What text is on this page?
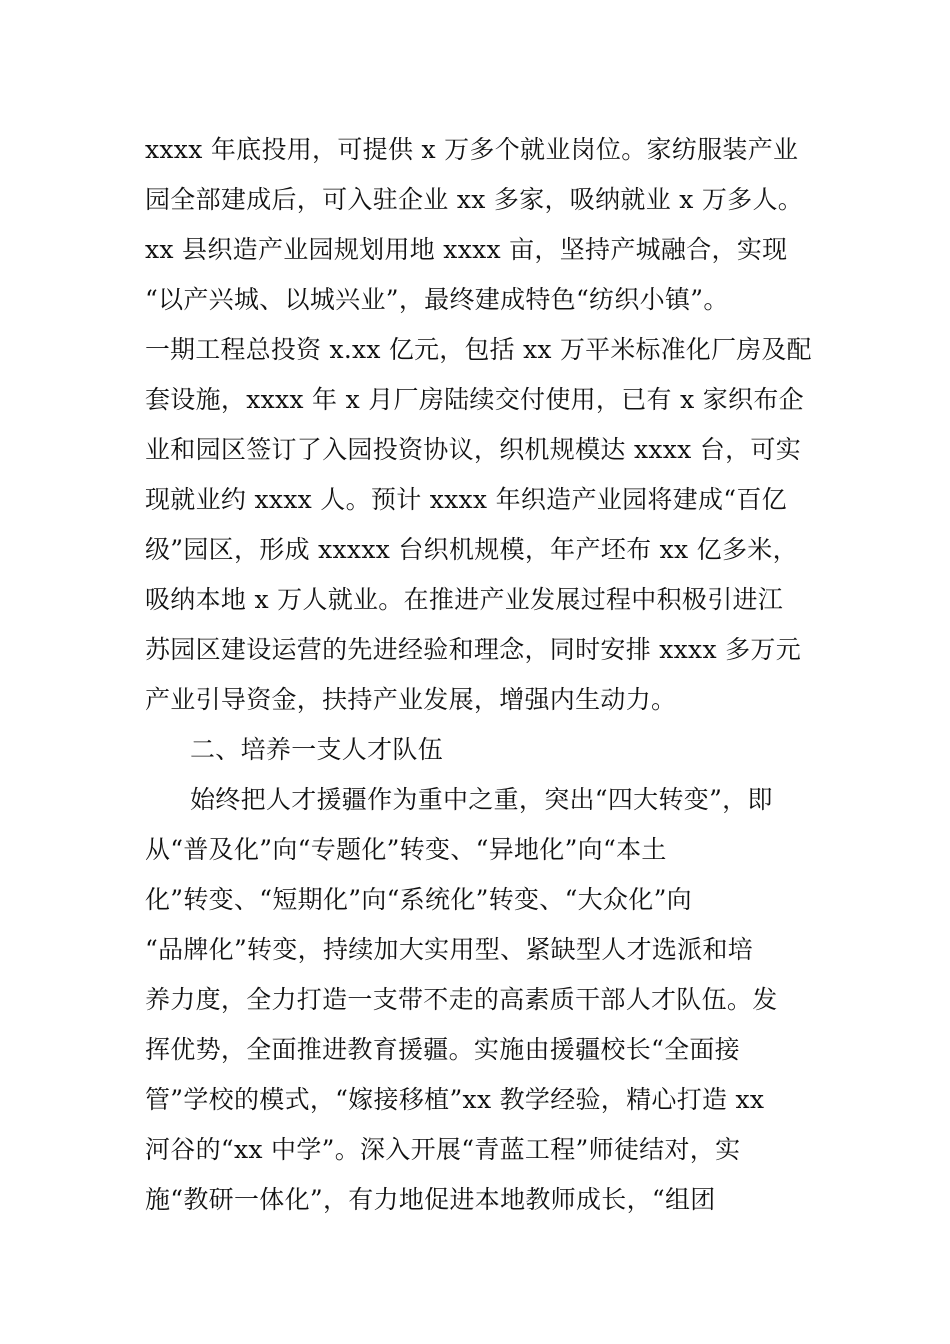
xxxx 年底投用，可提供 x 万多个就业岗位。家纺服装产业
园全部建成后，可入驻企业 xx 多家，吸纳就业 x 万多人。
xx 县织造产业园规划用地 xxxx 亩，坚持产城融合，实现
“以产兴城、以城兴业”，最终建成特色“纺织小镇”。
一期工程总投资 x.xx 亿元，包括 xx 万平米标准化厂房及配
套设施，xxxx 年 x 月厂房陆续交付使用，已有 x 家织布企
业和园区签订了入园投资协议，织机规模达 xxxx 台，可实
现就业约 xxxx 人。预计 xxxx 年织造产业园将建成“百亿
级”园区，形成 xxxxx 台织机规模，年产坯布 xx 亿多米，
吸纳本地 x 万人就业。在推进产业发展过程中积极引进江
苏园区建设运营的先进经验和理念，同时安排 xxxx 多万元
产业引导资金，扶持产业发展，增强内生动力。
二、培养一支人才队伍
始终把人才援疆作为重中之重，突出“四大转变”，即
从“普及化”向“专题化”转变、“异地化”向“本土
化”转变、“短期化”向“系统化”转变、“大众化”向
“品牌化”转变，持续加大实用型、紧缺型人才选派和培
养力度，全力打造一支带不走的高素质干部人才队伍。发
挥优势，全面推进教育援疆。实施由援疆校长“全面接
管”学校的模式，“嫁接移植”xx 教学经验，精心打造 xx
河谷的“xx 中学”。深入开展“青蓝工程”师徒结对，实
施“教研一体化”，有力地促进本地教师成长，“组团
